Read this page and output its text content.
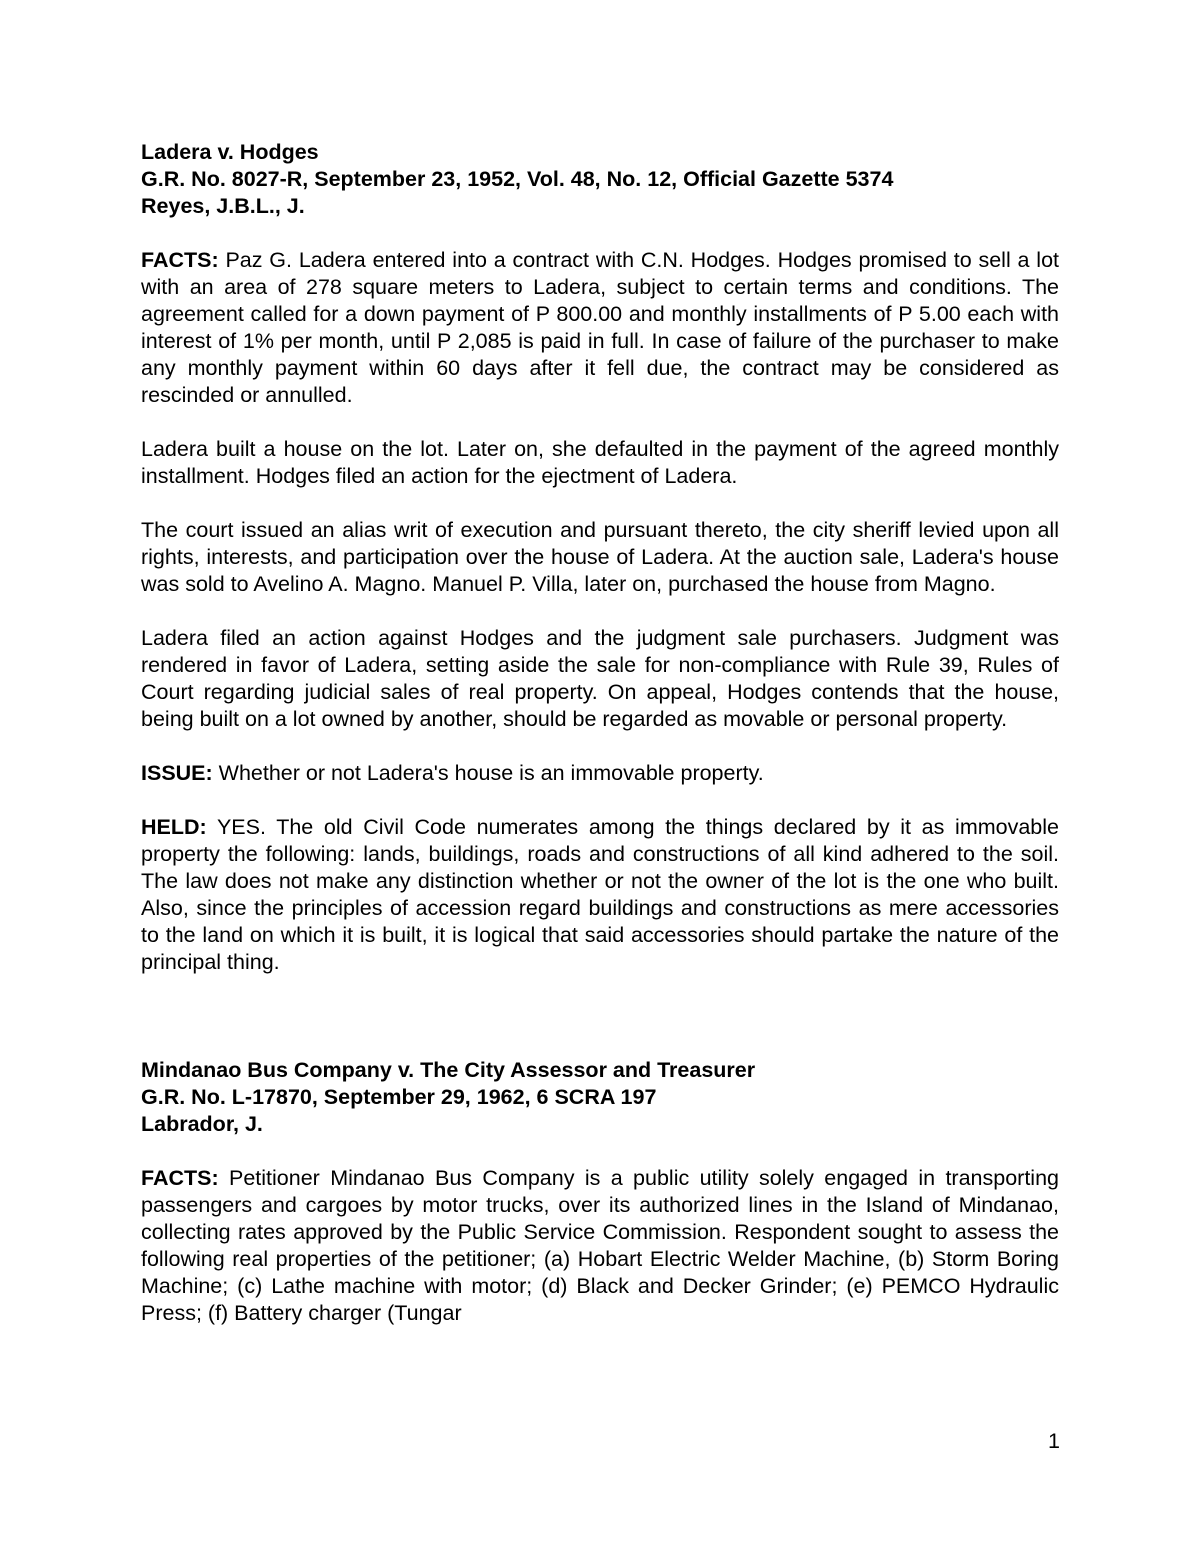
Ladera v. Hodges
G.R. No. 8027-R, September 23, 1952, Vol. 48, No. 12, Official Gazette 5374
Reyes, J.B.L., J.

FACTS: Paz G. Ladera entered into a contract with C.N. Hodges. Hodges promised to sell a lot with an area of 278 square meters to Ladera, subject to certain terms and conditions. The agreement called for a down payment of P 800.00 and monthly installments of P 5.00 each with interest of 1% per month, until P 2,085 is paid in full. In case of failure of the purchaser to make any monthly payment within 60 days after it fell due, the contract may be considered as rescinded or annulled.

Ladera built a house on the lot. Later on, she defaulted in the payment of the agreed monthly installment. Hodges filed an action for the ejectment of Ladera.

The court issued an alias writ of execution and pursuant thereto, the city sheriff levied upon all rights, interests, and participation over the house of Ladera. At the auction sale, Ladera's house was sold to Avelino A. Magno. Manuel P. Villa, later on, purchased the house from Magno.

Ladera filed an action against Hodges and the judgment sale purchasers. Judgment was rendered in favor of Ladera, setting aside the sale for non-compliance with Rule 39, Rules of Court regarding judicial sales of real property. On appeal, Hodges contends that the house, being built on a lot owned by another, should be regarded as movable or personal property.

ISSUE: Whether or not Ladera's house is an immovable property.

HELD: YES. The old Civil Code numerates among the things declared by it as immovable property the following: lands, buildings, roads and constructions of all kind adhered to the soil. The law does not make any distinction whether or not the owner of the lot is the one who built. Also, since the principles of accession regard buildings and constructions as mere accessories to the land on which it is built, it is logical that said accessories should partake the nature of the principal thing.

Mindanao Bus Company v. The City Assessor and Treasurer
G.R. No. L-17870, September 29, 1962, 6 SCRA 197
Labrador, J.

FACTS: Petitioner Mindanao Bus Company is a public utility solely engaged in transporting passengers and cargoes by motor trucks, over its authorized lines in the Island of Mindanao, collecting rates approved by the Public Service Commission. Respondent sought to assess the following real properties of the petitioner; (a) Hobart Electric Welder Machine, (b) Storm Boring Machine; (c) Lathe machine with motor; (d) Black and Decker Grinder; (e) PEMCO Hydraulic Press; (f) Battery charger (Tungar

1
